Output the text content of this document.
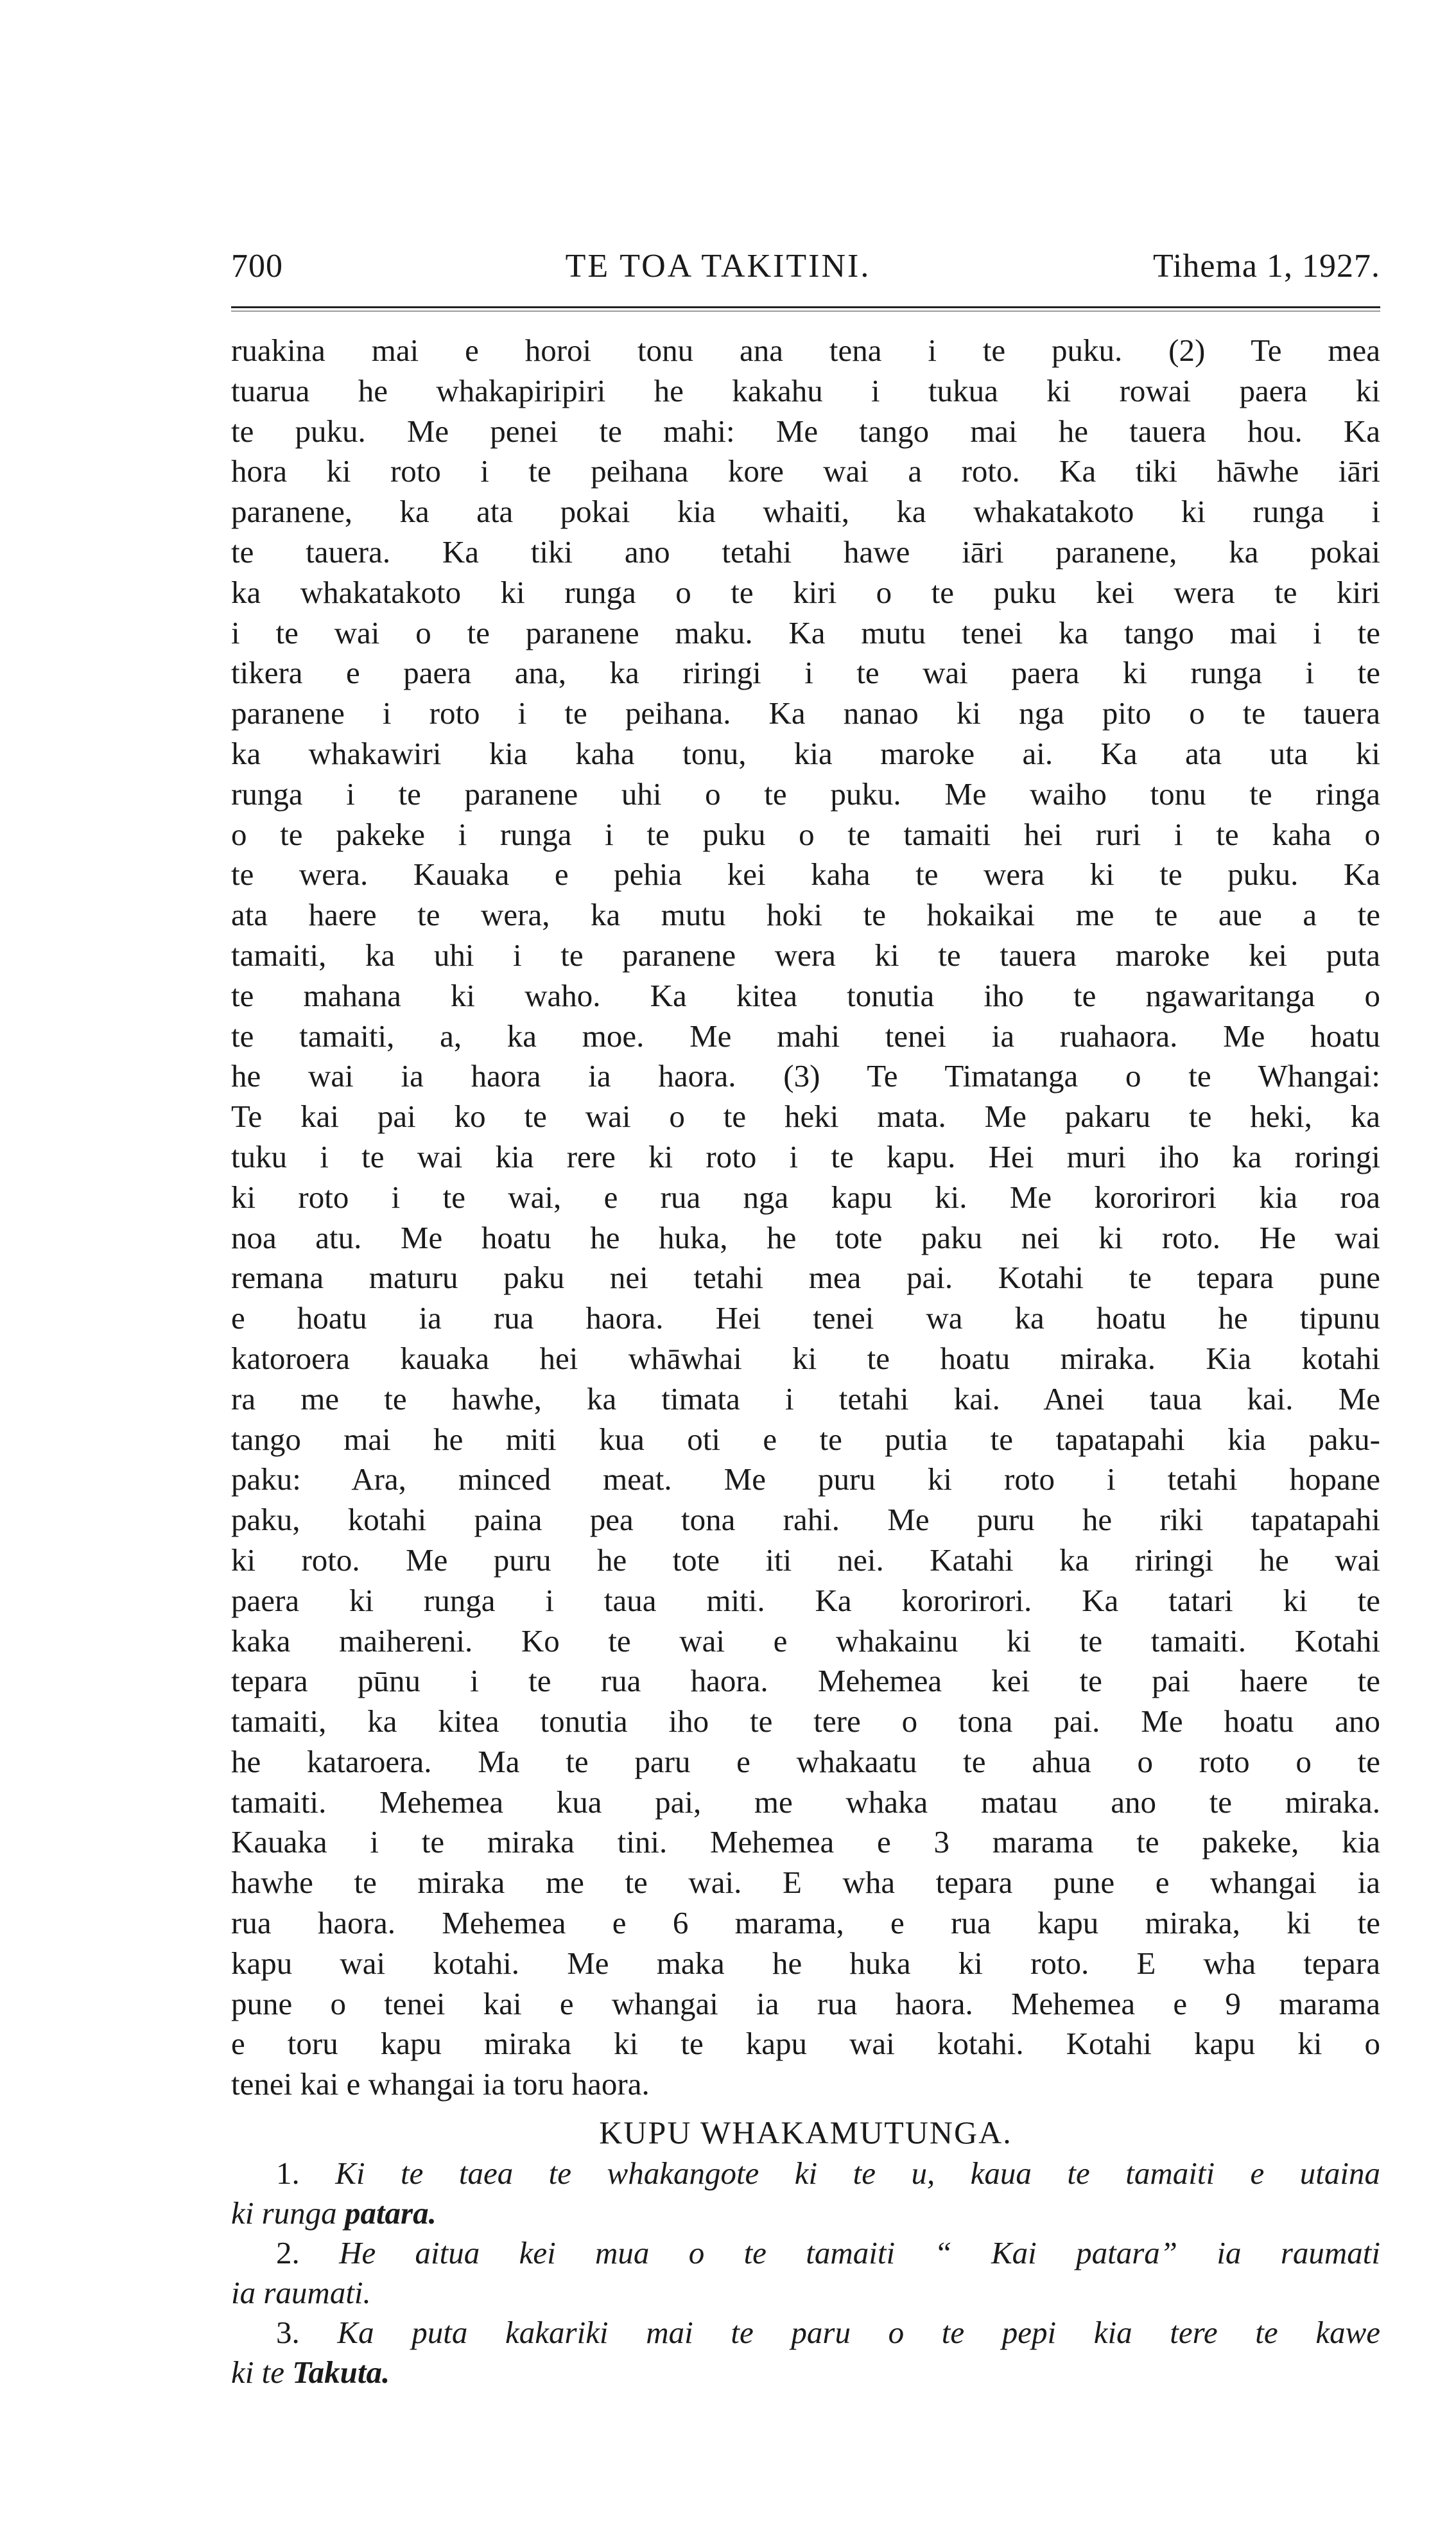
700	TE TOA TAKITINI.	Tihema 1, 1927.
ruakina mai e horoi tonu ana tena i te puku. (2) Te mea
tuarua he whakapiripiri he kakahu i tukua ki rowai paera ki
te puku. Me penei te mahi: Me tango mai he tauera hou. Ka
hora ki roto i te peihana kore wai a roto. Ka tiki hāwhe iāri
paranene, ka ata pokai kia whaiti, ka whakatakoto ki runga i
te tauera. Ka tiki ano tetahi hawe iāri paranene, ka pokai
ka whakatakoto ki runga o te kiri o te puku kei wera te kiri
i te wai o te paranene maku. Ka mutu tenei ka tango mai i te
tikera e paera ana, ka riringi i te wai paera ki runga i te
paranene i roto i te peihana. Ka nanao ki nga pito o te tauera
ka whakawiri kia kaha tonu, kia maroke ai. Ka ata uta ki
runga i te paranene uhi o te puku. Me waiho tonu te ringa
o te pakeke i runga i te puku o te tamaiti hei ruri i te kaha o
te wera. Kauaka e pehia kei kaha te wera ki te puku. Ka
ata haere te wera, ka mutu hoki te hokaikai me te aue a te
tamaiti, ka uhi i te paranene wera ki te tauera maroke kei puta
te mahana ki waho. Ka kitea tonutia iho te ngawaritanga o
te tamaiti, a, ka moe. Me mahi tenei ia ruahaora. Me hoatu
he wai ia haora ia haora. (3) Te Timatanga o te Whangai:
Te kai pai ko te wai o te heki mata. Me pakaru te heki, ka
tuku i te wai kia rere ki roto i te kapu. Hei muri iho ka roringi
ki roto i te wai, e rua nga kapu ki. Me kororirori kia roa
noa atu. Me hoatu he huka, he tote paku nei ki roto. He wai
remana maturu paku nei tetahi mea pai. Kotahi te tepara pune
e hoatu ia rua haora. Hei tenei wa ka hoatu he tipunu
katoroera kauaka hei whāwhai ki te hoatu miraka. Kia kotahi
ra me te hawhe, ka timata i tetahi kai. Anei taua kai. Me
tango mai he miti kua oti e te putia te tapatapahi kia paku-
paku: Ara, minced meat. Me puru ki roto i tetahi hopane
paku, kotahi paina pea tona rahi. Me puru he riki tapatapahi
ki roto. Me puru he tote iti nei. Katahi ka riringi he wai
paera ki runga i taua miti. Ka kororirori. Ka tatari ki te
kaka maihereni. Ko te wai e whakainu ki te tamaiti. Kotahi
tepara pūnu i te rua haora. Mehemea kei te pai haere te
tamaiti, ka kitea tonutia iho te tere o tona pai. Me hoatu ano
he kataroera. Ma te paru e whakaatu te ahua o roto o te
tamaiti. Mehemea kua pai, me whaka matau ano te miraka.
Kauaka i te miraka tini. Mehemea e 3 marama te pakeke, kia
hawhe te miraka me te wai. E wha tepara pune e whangai ia
rua haora. Mehemea e 6 marama, e rua kapu miraka, ki te
kapu wai kotahi. Me maka he huka ki roto. E wha tepara
pune o tenei kai e whangai ia rua haora. Mehemea e 9 marama
e toru kapu miraka ki te kapu wai kotahi. Kotahi kapu ki o
tenei kai e whangai ia toru haora.
KUPU WHAKAMUTUNGA.
1. Ki te taea te whakangote ki te u, kaua te tamaiti e utaina
ki runga patara.
2. He aitua kei mua o te tamaiti “ Kai patara” ia raumati
ia raumati.
3. Ka puta kakariki mai te paru o te pepi kia tere te kawe
ki te Takuta.
